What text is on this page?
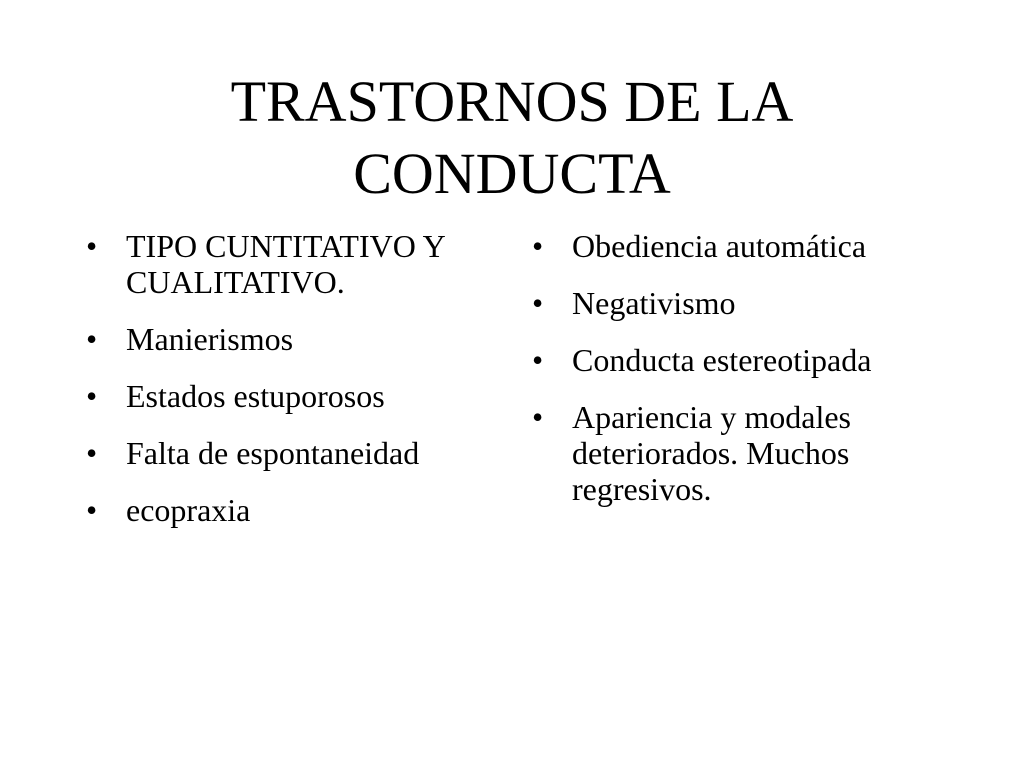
TRASTORNOS DE LA
CONDUCTA
• TIPO CUNTITATIVO Y CUALITATIVO.
• Manierismos
• Estados estuporosos
• Falta de espontaneidad
• ecopraxia
• Obediencia automática
• Negativismo
• Conducta estereotipada
• Apariencia y modales deteriorados. Muchos regresivos.
